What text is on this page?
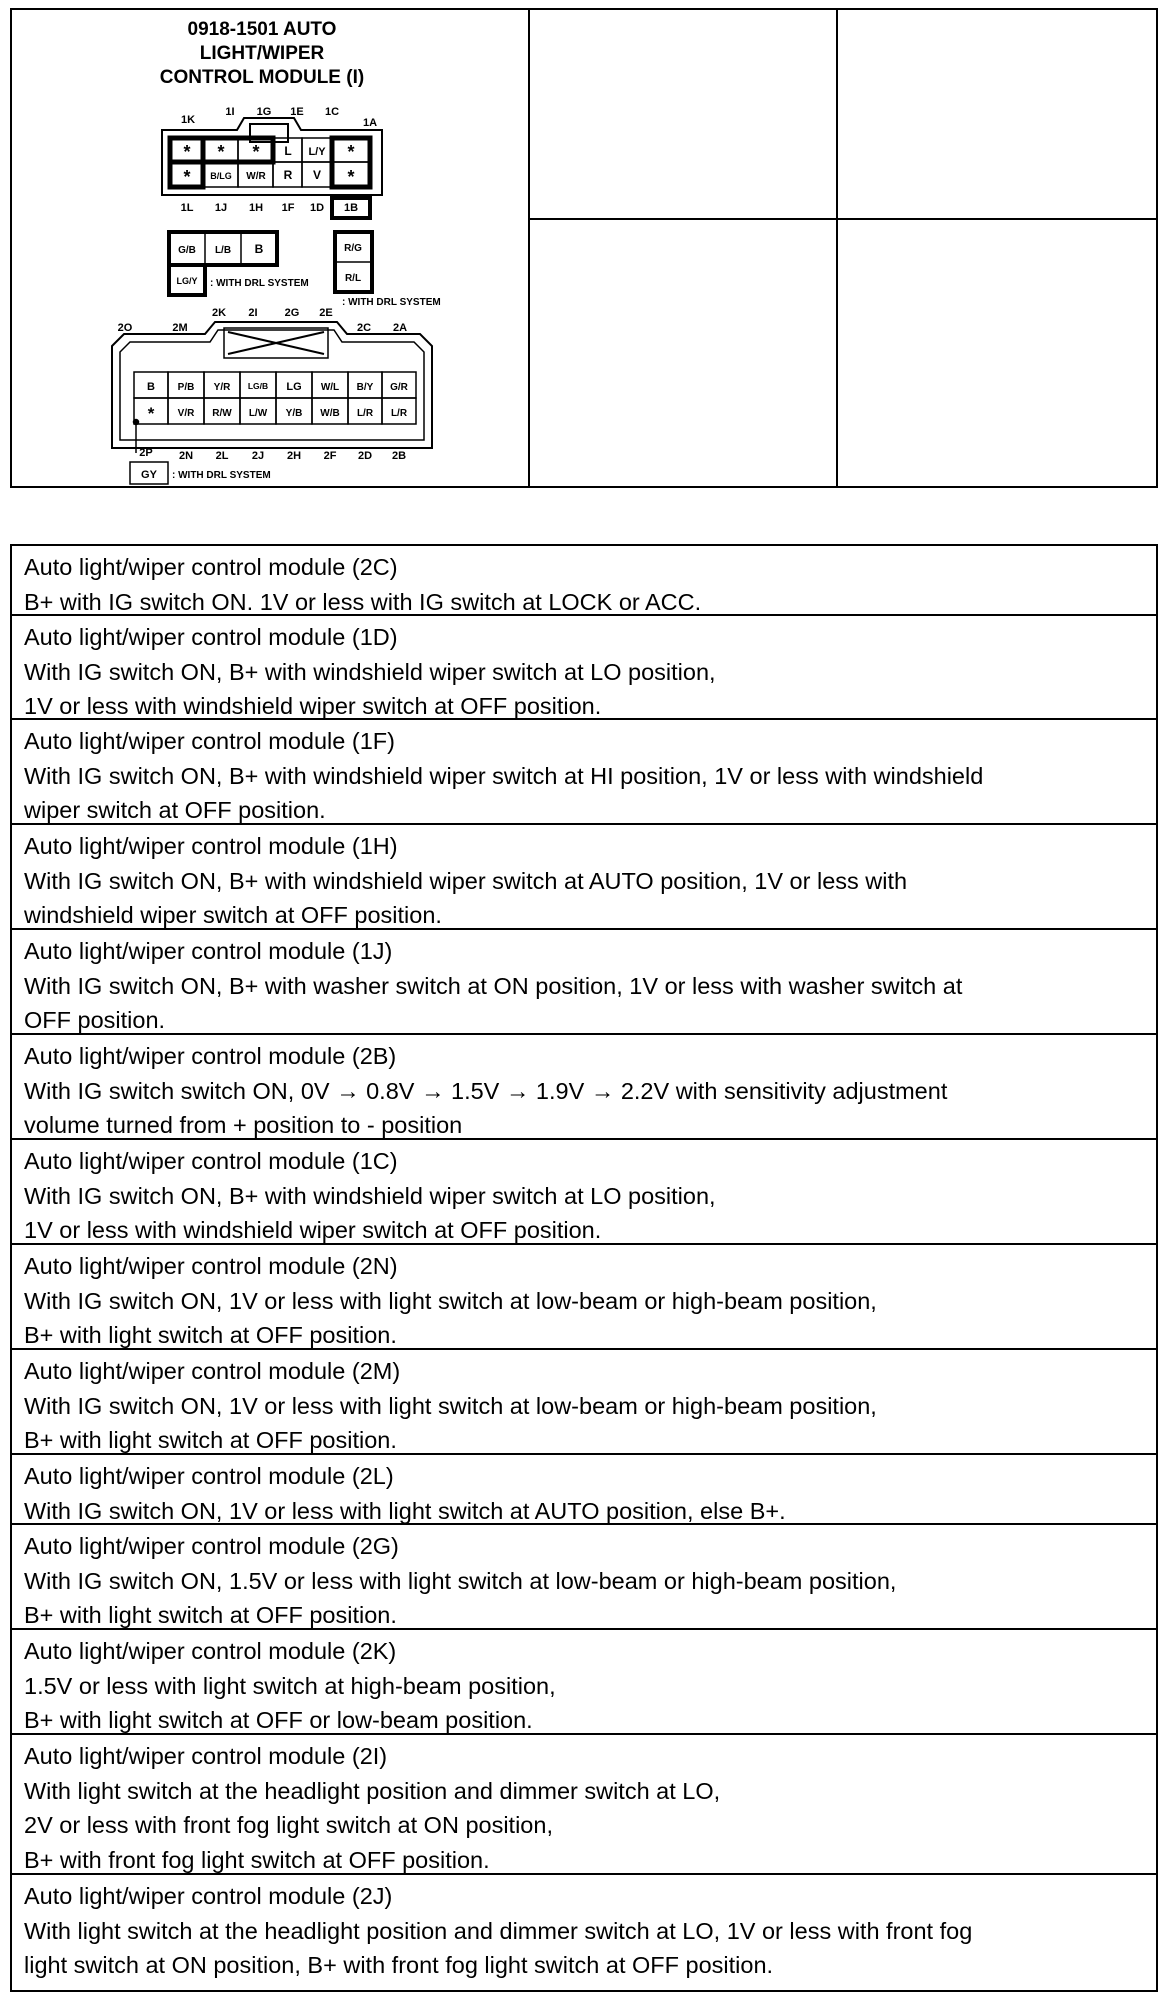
0918-1501 AUTO
LIGHT/WIPER
CONTROL MODULE (I)
1K
1I 1G 1E 1C
1A
* * * L L/Y *
* B/LG W/R R V *
1L 1J 1H 1F 1D 1B
G/B L/B B
LG/Y : WITH DRL SYSTEM
R/G
R/L
: WITH DRL SYSTEM
2O	2M
2K 2I 2G 2E
2C 2A
B P/B Y/R LG/B LG W/L B/Y G/R
* V/R R/W L/W Y/B W/B L/R L/R
2P 2N 2L 2J 2H 2F 2D 2B
GY : WITH DRL SYSTEM
Auto light/wiper control module (2C)
B+ with IG switch ON. 1V or less with IG switch at LOCK or ACC.
Auto light/wiper control module (1D)
With IG switch ON, B+ with windshield wiper switch at LO position,
1V or less with windshield wiper switch at OFF position.
Auto light/wiper control module (1F)
With IG switch ON, B+ with windshield wiper switch at HI position, 1V or less with windshield
wiper switch at OFF position.
Auto light/wiper control module (1H)
With IG switch ON, B+ with windshield wiper switch at AUTO position, 1V or less with
windshield wiper switch at OFF position.
Auto light/wiper control module (1J)
With IG switch ON, B+ with washer switch at ON position, 1V or less with washer switch at
OFF position.
Auto light/wiper control module (2B)
With IG switch switch ON, 0V → 0.8V → 1.5V → 1.9V → 2.2V with sensitivity adjustment
volume turned from + position to - position
Auto light/wiper control module (1C)
With IG switch ON, B+ with windshield wiper switch at LO position,
1V or less with windshield wiper switch at OFF position.
Auto light/wiper control module (2N)
With IG switch ON, 1V or less with light switch at low-beam or high-beam position,
B+ with light switch at OFF position.
Auto light/wiper control module (2M)
With IG switch ON, 1V or less with light switch at low-beam or high-beam position,
B+ with light switch at OFF position.
Auto light/wiper control module (2L)
With IG switch ON, 1V or less with light switch at AUTO position, else B+.
Auto light/wiper control module (2G)
With IG switch ON, 1.5V or less with light switch at low-beam or high-beam position,
B+ with light switch at OFF position.
Auto light/wiper control module (2K)
1.5V or less with light switch at high-beam position,
B+ with light switch at OFF or low-beam position.
Auto light/wiper control module (2I)
With light switch at the headlight position and dimmer switch at LO,
2V or less with front fog light switch at ON position,
B+ with front fog light switch at OFF position.
Auto light/wiper control module (2J)
With light switch at the headlight position and dimmer switch at LO, 1V or less with front fog
light switch at ON position, B+ with front fog light switch at OFF position.
